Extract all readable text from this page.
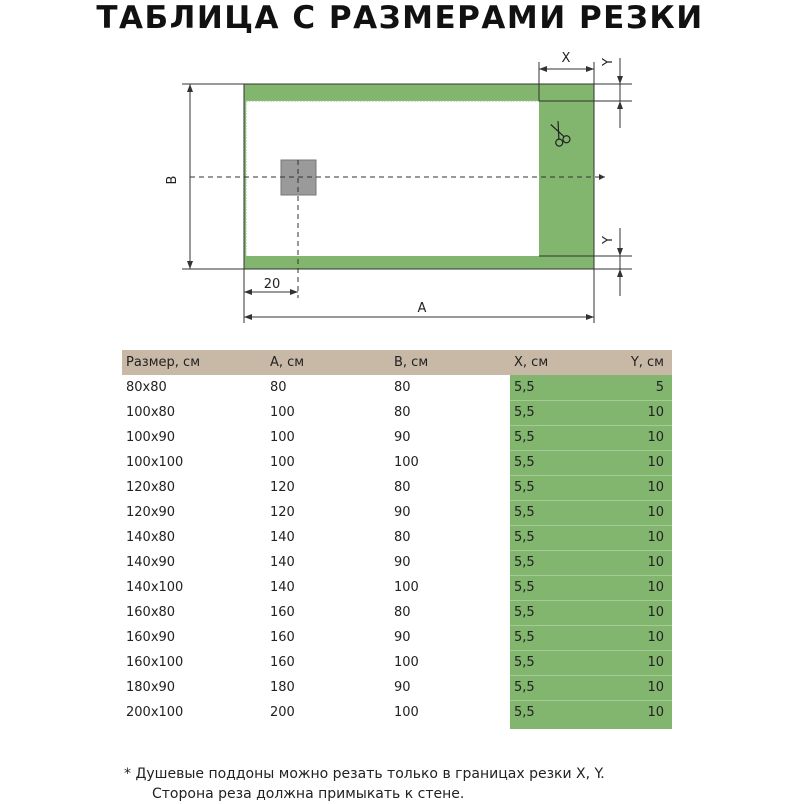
ТАБЛИЦА С РАЗМЕРАМИ РЕЗКИ
B
A
20
X Y
Y
Размер, см	A, см	B, см	X, см	Y, см
80x80	80	80	5,5	5
100x80	100	80	5,5	10
100x90	100	90	5,5	10
100x100	100	100	5,5	10
120x80	120	80	5,5	10
120x90	120	90	5,5	10
140x80	140	80	5,5	10
140x90	140	90	5,5	10
140x100	140	100	5,5	10
160x80	160	80	5,5	10
160x90	160	90	5,5	10
160x100	160	100	5,5	10
180x90	180	90	5,5	10
200x100	200	100	5,5	10
* Душевые поддоны можно резать только в границах резки X, Y.
Сторона реза должна примыкать к стене.
